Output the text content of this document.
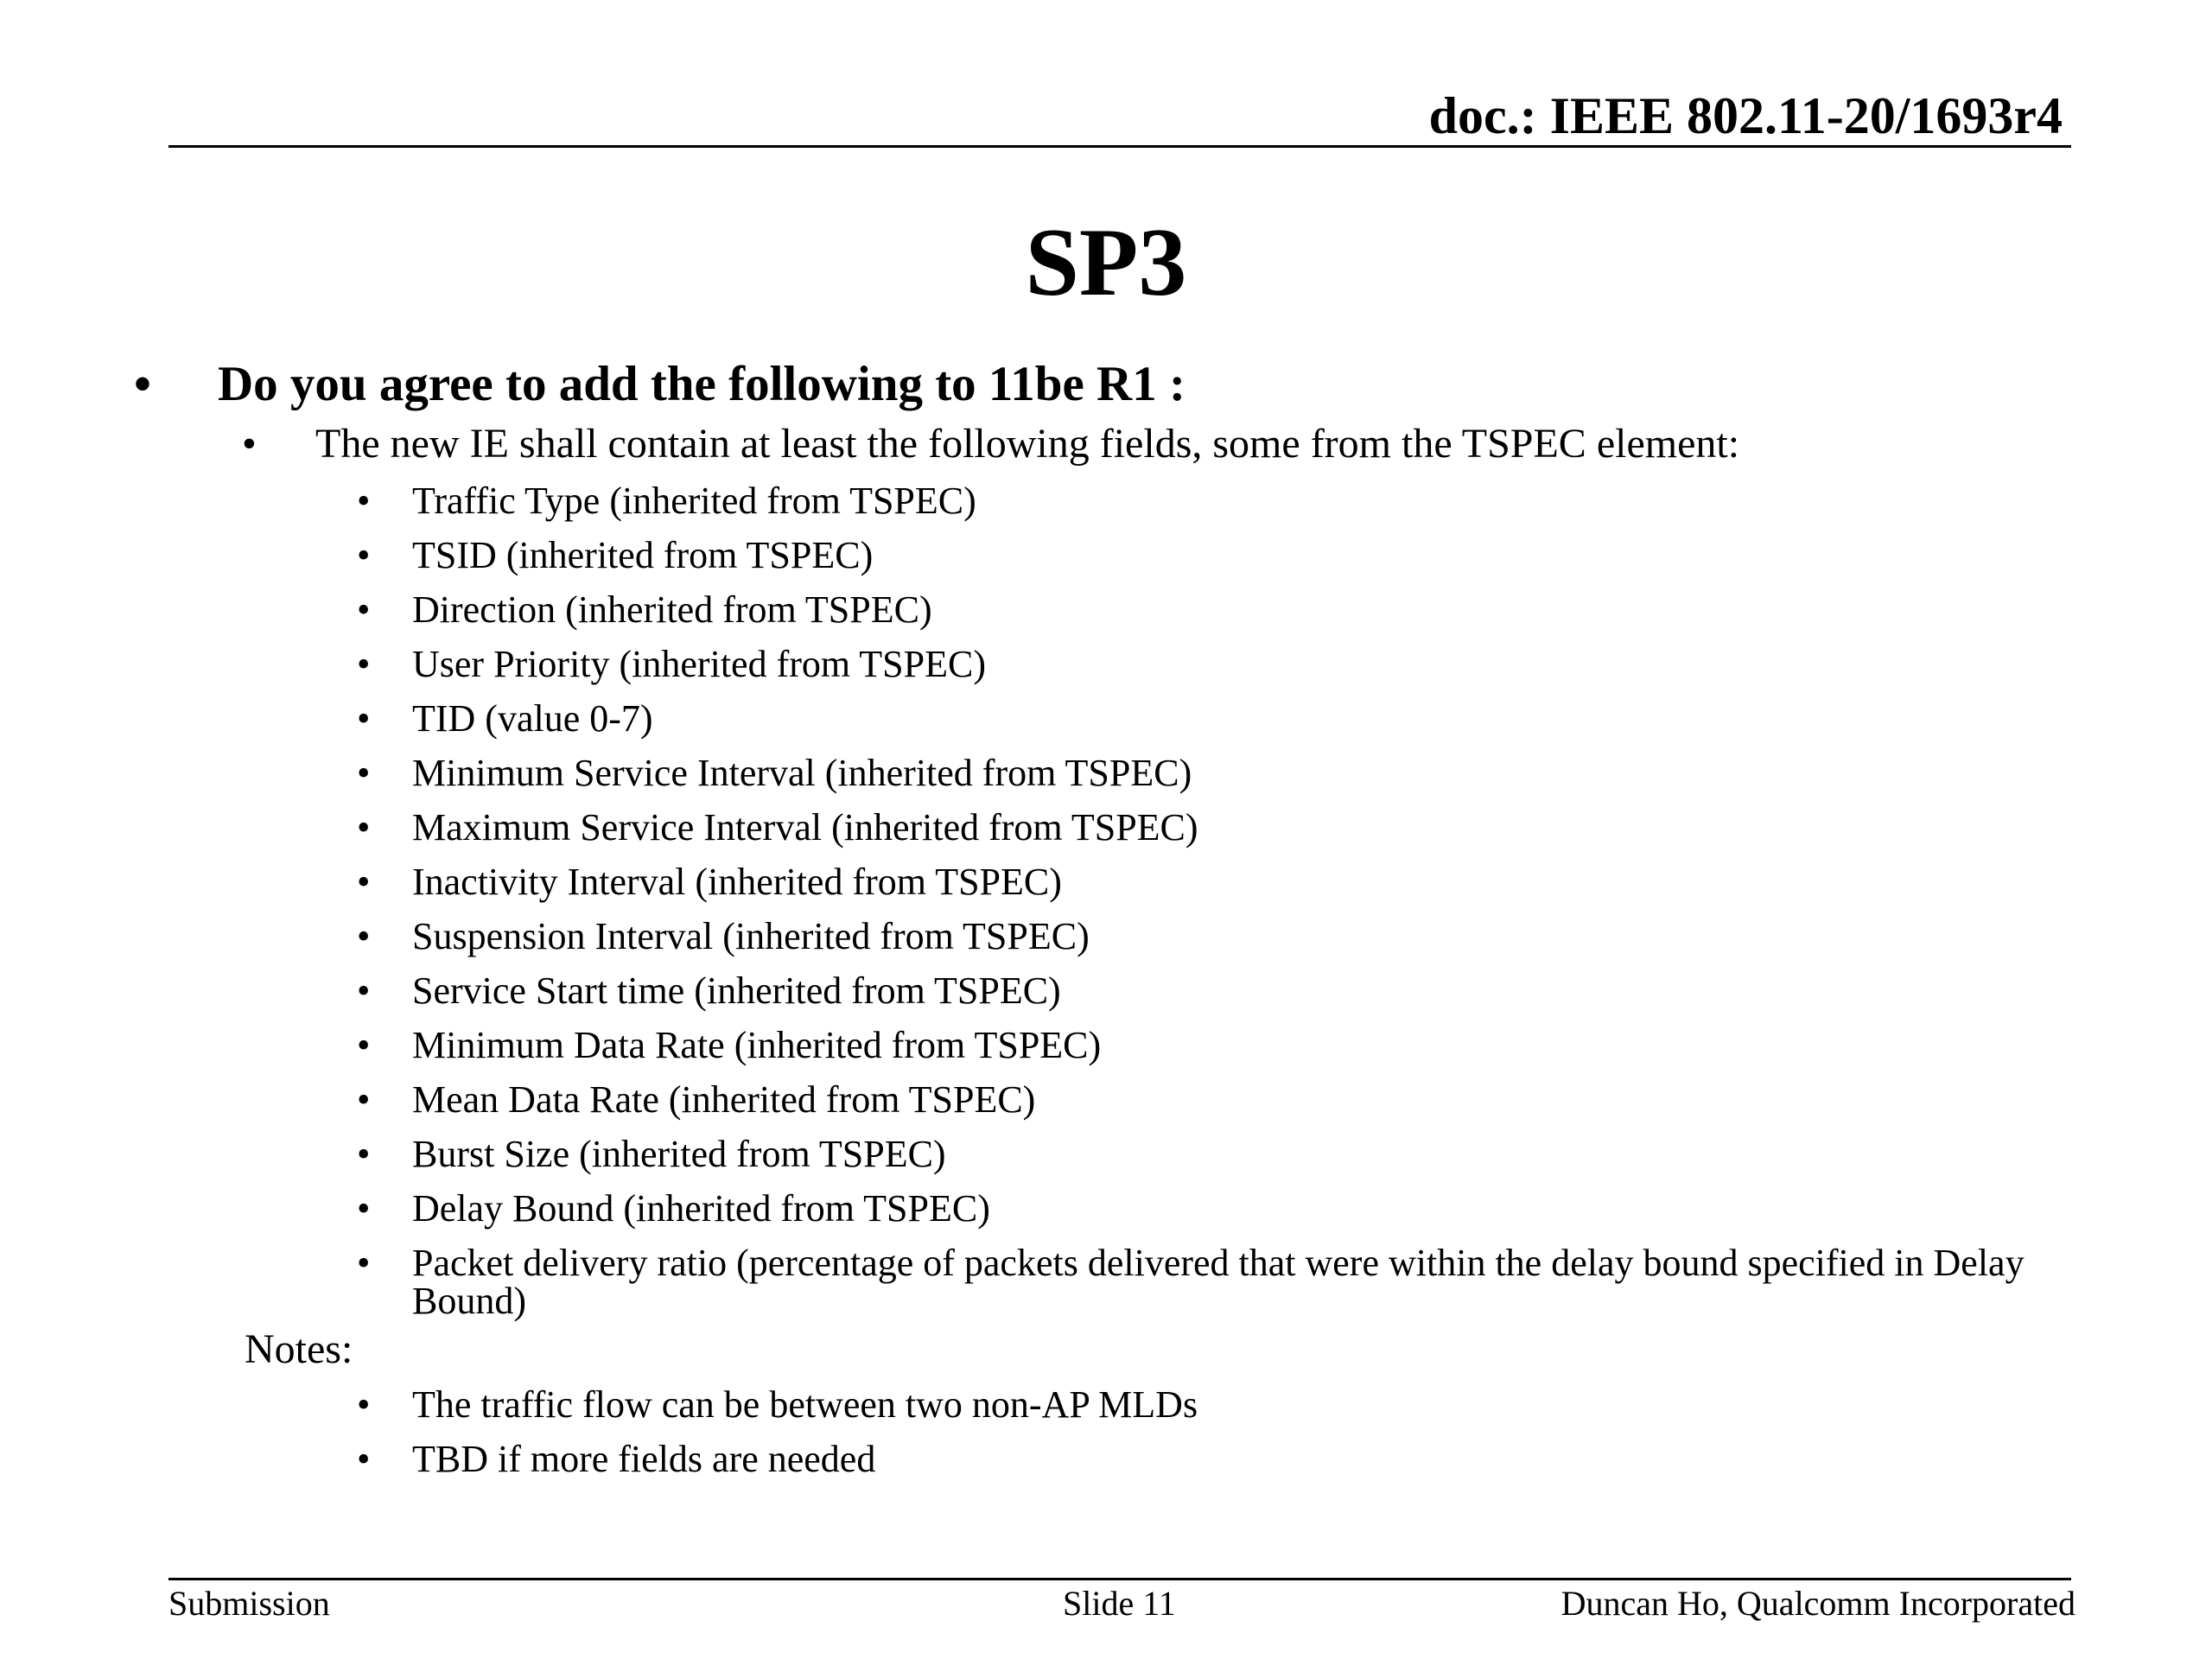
doc.: IEEE 802.11-20/1693r4
SP3
• Do you agree to add the following to 11be R1 :
• The new IE shall contain at least the following fields, some from the TSPEC element:
• Traffic Type (inherited from TSPEC)
• TSID (inherited from TSPEC)
• Direction (inherited from TSPEC)
• User Priority (inherited from TSPEC)
• TID (value 0-7)
• Minimum Service Interval (inherited from TSPEC)
• Maximum Service Interval (inherited from TSPEC)
• Inactivity Interval (inherited from TSPEC)
• Suspension Interval (inherited from TSPEC)
• Service Start time (inherited from TSPEC)
• Minimum Data Rate (inherited from TSPEC)
• Mean Data Rate (inherited from TSPEC)
• Burst Size (inherited from TSPEC)
• Delay Bound (inherited from TSPEC)
• Packet delivery ratio (percentage of packets delivered that were within the delay bound specified in Delay Bound)
Notes:
• The traffic flow can be between two non-AP MLDs
• TBD if more fields are needed
Submission	Slide 11	Duncan Ho, Qualcomm Incorporated
